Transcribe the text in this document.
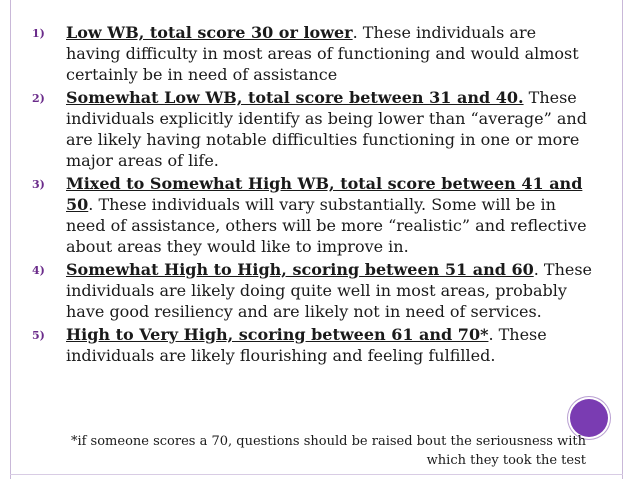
1) Low WB, total score 30 or lower. These individuals are having difficulty in most areas of functioning and would almost certainly be in need of assistance
2) Somewhat Low WB, total score between 31 and 40. These individuals explicitly identify as being lower than “average” and are likely having notable difficulties functioning in one or more major areas of life.
3) Mixed to Somewhat High WB, total score between 41 and 50. These individuals will vary substantially. Some will be in need of assistance, others will be more “realistic” and reflective about areas they would like to improve in.
4) Somewhat High to High, scoring between 51 and 60. These individuals are likely doing quite well in most areas, probably have good resiliency and are likely not in need of services.
5) High to Very High, scoring between 61 and 70*. These individuals are likely flourishing and feeling fulfilled.
*if someone scores a 70, questions should be raised bout the seriousness with which they took the test
